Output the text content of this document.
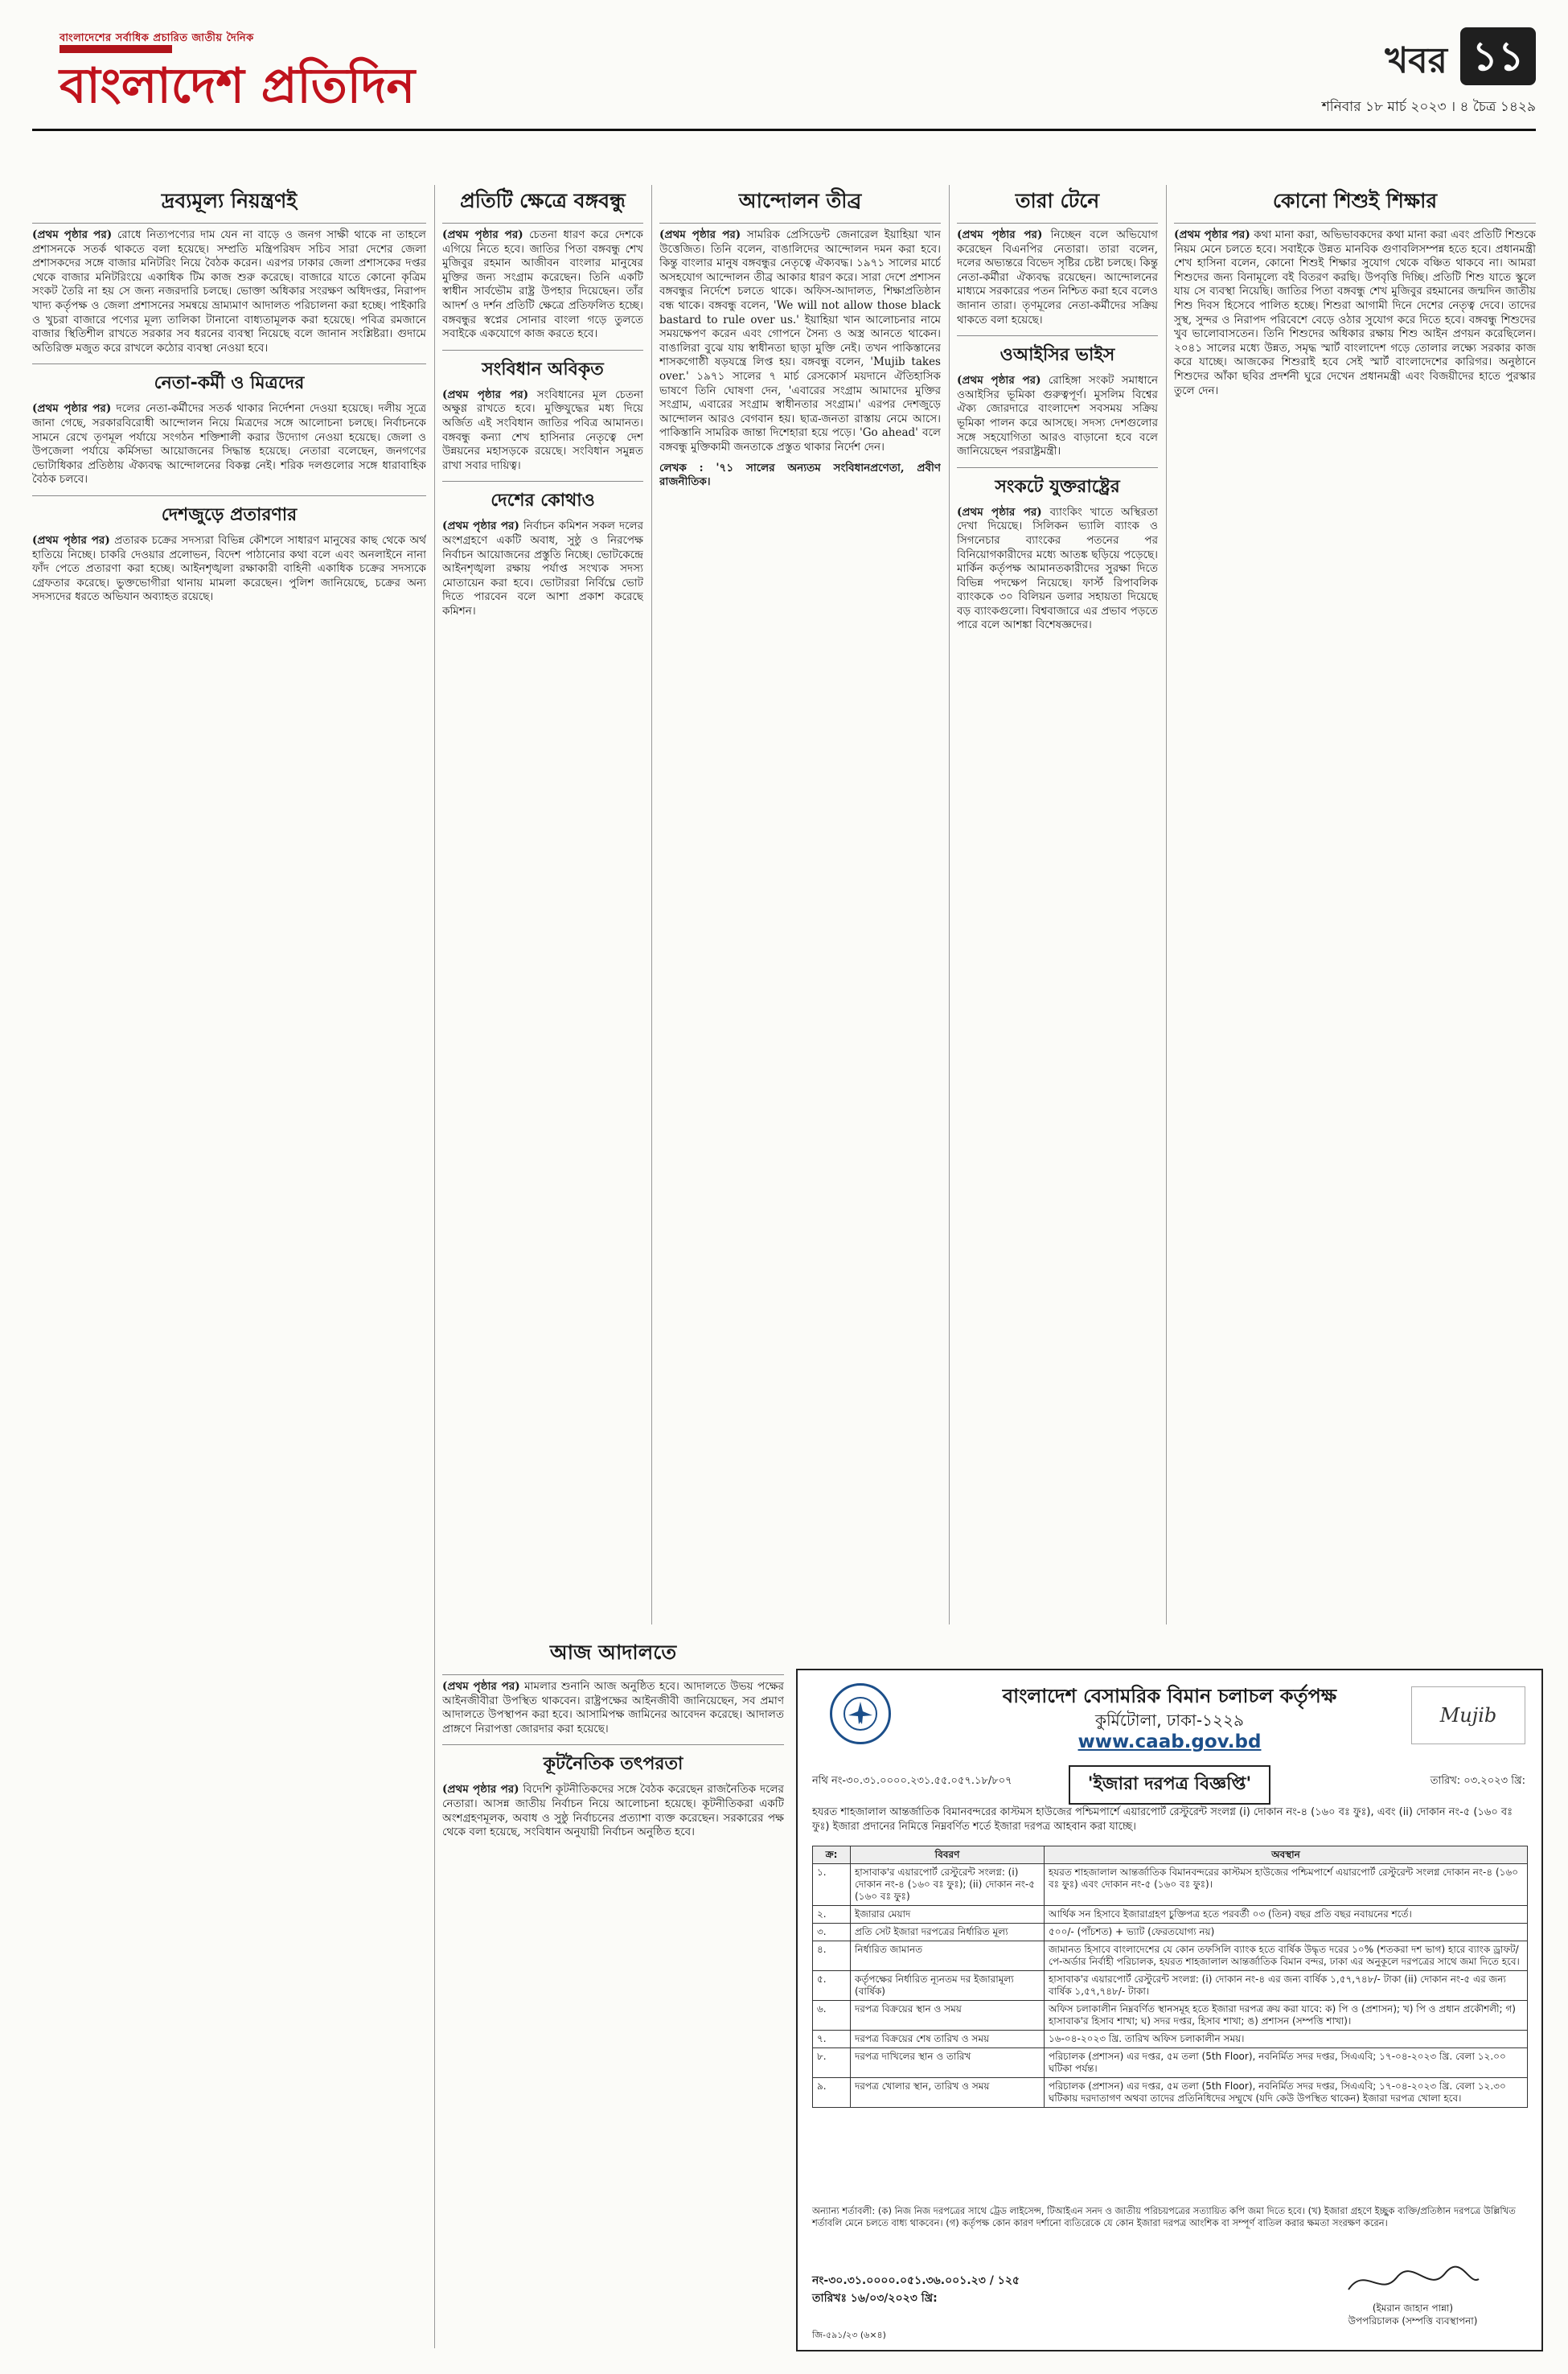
বাংলাদেশের সর্বাধিক প্রচারিত জাতীয় দৈনিক
বাংলাদেশ প্রতিদিন	খবর ১১
শনিবার ১৮ মার্চ ২০২৩ । ৪ চৈত্র ১৪২৯
দ্রব্যমূল্য নিয়ন্ত্রণই
(প্রথম পৃষ্ঠার পর) রোধে নিত্যপণ্যের দাম যেন না বাড়ে ও জনগ সাক্ষী থাকে না তাহলে প্রশাসনকে সতর্ক থাকতে বলা হয়েছে। সম্প্রতি মন্ত্রিপরিষদ সচিব সারা দেশের জেলা প্রশাসকদের সঙ্গে বাজার মনিটরিং নিয়ে বৈঠক করেন। এরপর ঢাকার জেলা প্রশাসকের দপ্তর থেকে বাজার মনিটরিংয়ে একাধিক টিম কাজ শুরু করেছে। বাজারে যাতে কোনো কৃত্রিম সংকট তৈরি না হয় সে জন্য নজরদারি চলছে। ভোক্তা অধিকার সংরক্ষণ অধিদপ্তর, নিরাপদ খাদ্য কর্তৃপক্ষ ও জেলা প্রশাসনের সমন্বয়ে ভ্রাম্যমাণ আদালত পরিচালনা করা হচ্ছে। পাইকারি ও খুচরা বাজারে পণ্যের মূল্য তালিকা টানানো বাধ্যতামূলক করা হয়েছে। পবিত্র রমজানে বাজার স্থিতিশীল রাখতে সরকার সব ধরনের ব্যবস্থা নিয়েছে বলে জানান সংশ্লিষ্টরা। গুদামে অতিরিক্ত মজুত করে রাখলে কঠোর ব্যবস্থা নেওয়া হবে।
নেতা-কর্মী ও মিত্রদের
(প্রথম পৃষ্ঠার পর) দলের নেতা-কর্মীদের সতর্ক থাকার নির্দেশনা দেওয়া হয়েছে। দলীয় সূত্রে জানা গেছে, সরকারবিরোধী আন্দোলন নিয়ে মিত্রদের সঙ্গে আলোচনা চলছে। নির্বাচনকে সামনে রেখে তৃণমূল পর্যায়ে সংগঠন শক্তিশালী করার উদ্যোগ নেওয়া হয়েছে। জেলা ও উপজেলা পর্যায়ে কর্মিসভা আয়োজনের সিদ্ধান্ত হয়েছে। নেতারা বলেছেন, জনগণের ভোটাধিকার প্রতিষ্ঠায় ঐক্যবদ্ধ আন্দোলনের বিকল্প নেই। শরিক দলগুলোর সঙ্গে ধারাবাহিক বৈঠক চলবে।
দেশজুড়ে প্রতারণার
(প্রথম পৃষ্ঠার পর) প্রতারক চক্রের সদস্যরা বিভিন্ন কৌশলে সাধারণ মানুষের কাছ থেকে অর্থ হাতিয়ে নিচ্ছে। চাকরি দেওয়ার প্রলোভন, বিদেশ পাঠানোর কথা বলে এবং অনলাইনে নানা ফাঁদ পেতে প্রতারণা করা হচ্ছে। আইনশৃঙ্খলা রক্ষাকারী বাহিনী একাধিক চক্রের সদস্যকে গ্রেফতার করেছে। ভুক্তভোগীরা থানায় মামলা করেছেন। পুলিশ জানিয়েছে, চক্রের অন্য সদস্যদের ধরতে অভিযান অব্যাহত রয়েছে।
প্রতিটি ক্ষেত্রে বঙ্গবন্ধু
(প্রথম পৃষ্ঠার পর) চেতনা ধারণ করে দেশকে এগিয়ে নিতে হবে। জাতির পিতা বঙ্গবন্ধু শেখ মুজিবুর রহমান আজীবন বাংলার মানুষের মুক্তির জন্য সংগ্রাম করেছেন। তিনি একটি স্বাধীন সার্বভৌম রাষ্ট্র উপহার দিয়েছেন। তাঁর আদর্শ ও দর্শন প্রতিটি ক্ষেত্রে প্রতিফলিত হচ্ছে। বঙ্গবন্ধুর স্বপ্নের সোনার বাংলা গড়ে তুলতে সবাইকে একযোগে কাজ করতে হবে।
সংবিধান অবিকৃত
(প্রথম পৃষ্ঠার পর) সংবিধানের মূল চেতনা অক্ষুণ্ণ রাখতে হবে। মুক্তিযুদ্ধের মধ্য দিয়ে অর্জিত এই সংবিধান জাতির পবিত্র আমানত। বঙ্গবন্ধু কন্যা শেখ হাসিনার নেতৃত্বে দেশ উন্নয়নের মহাসড়কে রয়েছে। সংবিধান সমুন্নত রাখা সবার দায়িত্ব।
দেশের কোথাও
(প্রথম পৃষ্ঠার পর) নির্বাচন কমিশন সকল দলের অংশগ্রহণে একটি অবাধ, সুষ্ঠু ও নিরপেক্ষ নির্বাচন আয়োজনের প্রস্তুতি নিচ্ছে। ভোটকেন্দ্রে আইনশৃঙ্খলা রক্ষায় পর্যাপ্ত সংখ্যক সদস্য মোতায়েন করা হবে। ভোটাররা নির্বিঘ্নে ভোট দিতে পারবেন বলে আশা প্রকাশ করেছে কমিশন।
আন্দোলন তীব্র
(প্রথম পৃষ্ঠার পর) সামরিক প্রেসিডেন্ট জেনারেল ইয়াহিয়া খান উত্তেজিত। তিনি বলেন, বাঙালিদের আন্দোলন দমন করা হবে। কিন্তু বাংলার মানুষ বঙ্গবন্ধুর নেতৃত্বে ঐক্যবদ্ধ। ১৯৭১ সালের মার্চে অসহযোগ আন্দোলন তীব্র আকার ধারণ করে। সারা দেশে প্রশাসন বঙ্গবন্ধুর নির্দেশে চলতে থাকে। অফিস-আদালত, শিক্ষাপ্রতিষ্ঠান বন্ধ থাকে। বঙ্গবন্ধু বলেন, 'We will not allow those black bastard to rule over us.' ইয়াহিয়া খান আলোচনার নামে সময়ক্ষেপণ করেন এবং গোপনে সৈন্য ও অস্ত্র আনতে থাকেন। বাঙালিরা বুঝে যায় স্বাধীনতা ছাড়া মুক্তি নেই। তখন পাকিস্তানের শাসকগোষ্ঠী ষড়যন্ত্রে লিপ্ত হয়। বঙ্গবন্ধু বলেন, 'Mujib takes over.' ১৯৭১ সালের ৭ মার্চ রেসকোর্স ময়দানে ঐতিহাসিক ভাষণে তিনি ঘোষণা দেন, 'এবারের সংগ্রাম আমাদের মুক্তির সংগ্রাম, এবারের সংগ্রাম স্বাধীনতার সংগ্রাম।' এরপর দেশজুড়ে আন্দোলন আরও বেগবান হয়। ছাত্র-জনতা রাস্তায় নেমে আসে। পাকিস্তানি সামরিক জান্তা দিশেহারা হয়ে পড়ে। 'Go ahead' বলে বঙ্গবন্ধু মুক্তিকামী জনতাকে প্রস্তুত থাকার নির্দেশ দেন।
লেখক : '৭১ সালের অন্যতম সংবিধানপ্রণেতা, প্রবীণ রাজনীতিক।
তারা টেনে
(প্রথম পৃষ্ঠার পর) নিচ্ছেন বলে অভিযোগ করেছেন বিএনপির নেতারা। তারা বলেন, দলের অভ্যন্তরে বিভেদ সৃষ্টির চেষ্টা চলছে। কিন্তু নেতা-কর্মীরা ঐক্যবদ্ধ রয়েছেন। আন্দোলনের মাধ্যমে সরকারের পতন নিশ্চিত করা হবে বলেও জানান তারা। তৃণমূলের নেতা-কর্মীদের সক্রিয় থাকতে বলা হয়েছে।
ওআইসির ভাইস
(প্রথম পৃষ্ঠার পর) রোহিঙ্গা সংকট সমাধানে ওআইসির ভূমিকা গুরুত্বপূর্ণ। মুসলিম বিশ্বের ঐক্য জোরদারে বাংলাদেশ সবসময় সক্রিয় ভূমিকা পালন করে আসছে। সদস্য দেশগুলোর সঙ্গে সহযোগিতা আরও বাড়ানো হবে বলে জানিয়েছেন পররাষ্ট্রমন্ত্রী।
সংকটে যুক্তরাষ্ট্রের
(প্রথম পৃষ্ঠার পর) ব্যাংকিং খাতে অস্থিরতা দেখা দিয়েছে। সিলিকন ভ্যালি ব্যাংক ও সিগনেচার ব্যাংকের পতনের পর বিনিয়োগকারীদের মধ্যে আতঙ্ক ছড়িয়ে পড়েছে। মার্কিন কর্তৃপক্ষ আমানতকারীদের সুরক্ষা দিতে বিভিন্ন পদক্ষেপ নিয়েছে। ফার্স্ট রিপাবলিক ব্যাংককে ৩০ বিলিয়ন ডলার সহায়তা দিয়েছে বড় ব্যাংকগুলো। বিশ্ববাজারে এর প্রভাব পড়তে পারে বলে আশঙ্কা বিশেষজ্ঞদের।
কোনো শিশুই শিক্ষার
(প্রথম পৃষ্ঠার পর) কথা মানা করা, অভিভাবকদের কথা মানা করা এবং প্রতিটি শিশুকে নিয়ম মেনে চলতে হবে। সবাইকে উন্নত মানবিক গুণাবলিসম্পন্ন হতে হবে। প্রধানমন্ত্রী শেখ হাসিনা বলেন, কোনো শিশুই শিক্ষার সুযোগ থেকে বঞ্চিত থাকবে না। আমরা শিশুদের জন্য বিনামূল্যে বই বিতরণ করছি। উপবৃত্তি দিচ্ছি। প্রতিটি শিশু যাতে স্কুলে যায় সে ব্যবস্থা নিয়েছি। জাতির পিতা বঙ্গবন্ধু শেখ মুজিবুর রহমানের জন্মদিন জাতীয় শিশু দিবস হিসেবে পালিত হচ্ছে। শিশুরা আগামী দিনে দেশের নেতৃত্ব দেবে। তাদের সুস্থ, সুন্দর ও নিরাপদ পরিবেশে বেড়ে ওঠার সুযোগ করে দিতে হবে। বঙ্গবন্ধু শিশুদের খুব ভালোবাসতেন। তিনি শিশুদের অধিকার রক্ষায় শিশু আইন প্রণয়ন করেছিলেন। ২০৪১ সালের মধ্যে উন্নত, সমৃদ্ধ স্মার্ট বাংলাদেশ গড়ে তোলার লক্ষ্যে সরকার কাজ করে যাচ্ছে। আজকের শিশুরাই হবে সেই স্মার্ট বাংলাদেশের কারিগর। অনুষ্ঠানে শিশুদের আঁকা ছবির প্রদর্শনী ঘুরে দেখেন প্রধানমন্ত্রী এবং বিজয়ীদের হাতে পুরস্কার তুলে দেন।
আজ আদালতে
(প্রথম পৃষ্ঠার পর) মামলার শুনানি আজ অনুষ্ঠিত হবে। আদালতে উভয় পক্ষের আইনজীবীরা উপস্থিত থাকবেন। রাষ্ট্রপক্ষের আইনজীবী জানিয়েছেন, সব প্রমাণ আদালতে উপস্থাপন করা হবে। আসামিপক্ষ জামিনের আবেদন করেছে। আদালত প্রাঙ্গণে নিরাপত্তা জোরদার করা হয়েছে।
কূটনৈতিক তৎপরতা
(প্রথম পৃষ্ঠার পর) বিদেশি কূটনীতিকদের সঙ্গে বৈঠক করেছেন রাজনৈতিক দলের নেতারা। আসন্ন জাতীয় নির্বাচন নিয়ে আলোচনা হয়েছে। কূটনীতিকরা একটি অংশগ্রহণমূলক, অবাধ ও সুষ্ঠু নির্বাচনের প্রত্যাশা ব্যক্ত করেছেন। সরকারের পক্ষ থেকে বলা হয়েছে, সংবিধান অনুযায়ী নির্বাচন অনুষ্ঠিত হবে।
বাংলাদেশ বেসামরিক বিমান চলাচল কর্তৃপক্ষ
কুর্মিটোলা, ঢাকা-১২২৯
www.caab.gov.bd
Mujib
নথি নং-৩০.৩১.০০০০.২৩১.৫৫.০৫৭.১৮/৮০৭	'ইজারা দরপত্র বিজ্ঞপ্তি'	তারিখ: ০৩.২০২৩ খ্রি:
হযরত শাহজালাল আন্তর্জাতিক বিমানবন্দরের কাস্টমস হাউজের পশ্চিমপার্শে এয়ারপোর্ট রেস্টুরেন্ট সংলগ্ন (i) দোকান নং-৪ (১৬০ বঃ ফুঃ), এবং (ii) দোকান নং-৫ (১৬০ বঃ ফুঃ) ইজারা প্রদানের নিমিত্তে নিম্নবর্ণিত শর্তে ইজারা দরপত্র আহবান করা যাচ্ছে।
ক্র:	বিবরণ	অবস্থান
১.	হাসাবাক'র এয়ারপোর্ট রেস্টুরেন্ট সংলগ্ন: (i) দোকান নং-৪ (১৬০ বঃ ফুঃ); (ii) দোকান নং-৫ (১৬০ বঃ ফুঃ)	হযরত শাহজালাল আন্তর্জাতিক বিমানবন্দরের কাস্টমস হাউজের পশ্চিমপার্শে এয়ারপোর্ট রেস্টুরেন্ট সংলগ্ন দোকান নং-৪ (১৬০ বঃ ফুঃ) এবং দোকান নং-৫ (১৬০ বঃ ফুঃ)।
২.	ইজারার মেয়াদ	আর্থিক সন হিসাবে ইজারাগ্রহণ চুক্তিপত্র হতে পরবর্তী ০৩ (তিন) বছর প্রতি বছর নবায়নের শর্তে।
৩.	প্রতি সেট ইজারা দরপত্রের নির্ধারিত মূল্য	৫০০/- (পাঁচশত) + ভ্যাট (ফেরতযোগ্য নয়)
৪.	নির্ধারিত জামানত	জামানত হিসাবে বাংলাদেশের যে কোন তফসিলি ব্যাংক হতে বার্ষিক উদ্ধৃত দরের ১০% (শতকরা দশ ভাগ) হারে ব্যাংক ড্রাফট/পে-অর্ডার নির্বাহী পরিচালক, হযরত শাহজালাল আন্তর্জাতিক বিমান বন্দর, ঢাকা এর অনুকূলে দরপত্রের সাথে জমা দিতে হবে।
৫.	কর্তৃপক্ষের নির্ধারিত ন্যূনতম দর ইজারামূল্য (বার্ষিক)	হাসাবাক'র এয়ারপোর্ট রেস্টুরেন্ট সংলগ্ন: (i) দোকান নং-৪ এর জন্য বার্ষিক ১,৫৭,৭৪৮/- টাকা (ii) দোকান নং-৫ এর জন্য বার্ষিক ১,৫৭,৭৪৮/- টাকা।
৬.	দরপত্র বিক্রয়ের স্থান ও সময়	অফিস চলাকালীন নিম্নবর্ণিত স্থানসমূহ হতে ইজারা দরপত্র ক্রয় করা যাবে: ক) পি ও (প্রশাসন); খ) পি ও প্রধান প্রকৌশলী; গ) হাসাবাক'র হিসাব শাখা; ঘ) সদর দপ্তর, হিসাব শাখা; ঙ) প্রশাসন (সম্পত্তি শাখা)।
৭.	দরপত্র বিক্রয়ের শেষ তারিখ ও সময়	১৬-০৪-২০২৩ খ্রি. তারিখ অফিস চলাকালীন সময়।
৮.	দরপত্র দাখিলের স্থান ও তারিখ	পরিচালক (প্রশাসন) এর দপ্তর, ৫ম তলা (5th Floor), নবনির্মিত সদর দপ্তর, সিএএবি; ১৭-০৪-২০২৩ খ্রি. বেলা ১২.০০ ঘটিকা পর্যন্ত।
৯.	দরপত্র খোলার স্থান, তারিখ ও সময়	পরিচালক (প্রশাসন) এর দপ্তর, ৫ম তলা (5th Floor), নবনির্মিত সদর দপ্তর, সিএএবি; ১৭-০৪-২০২৩ খ্রি. বেলা ১২.৩০ ঘটিকায় দরদাতাগণ অথবা তাদের প্রতিনিধিদের সম্মুখে (যদি কেউ উপস্থিত থাকেন) ইজারা দরপত্র খোলা হবে।
অন্যান্য শর্তাবলী: (ক) নিজ নিজ দরপত্রের সাথে ট্রেড লাইসেন্স, টিআইএন সনদ ও জাতীয় পরিচয়পত্রের সত্যায়িত কপি জমা দিতে হবে। (খ) ইজারা গ্রহণে ইচ্ছুক ব্যক্তি/প্রতিষ্ঠান দরপত্রে উল্লিখিত শর্তাবলি মেনে চলতে বাধ্য থাকবেন। (গ) কর্তৃপক্ষ কোন কারণ দর্শানো ব্যতিরেকে যে কোন ইজারা দরপত্র আংশিক বা সম্পূর্ণ বাতিল করার ক্ষমতা সংরক্ষণ করেন।
নং-৩০.৩১.০০০০.০৫১.৩৬.০০১.২৩ / ১২৫
তারিখঃ ১৬/০৩/২০২৩ খ্রি:
(ইমরান জাহান পান্না)
উপপরিচালক (সম্পত্তি ব্যবস্থাপনা)
জি-৫৯১/২৩ (৬×৪)
